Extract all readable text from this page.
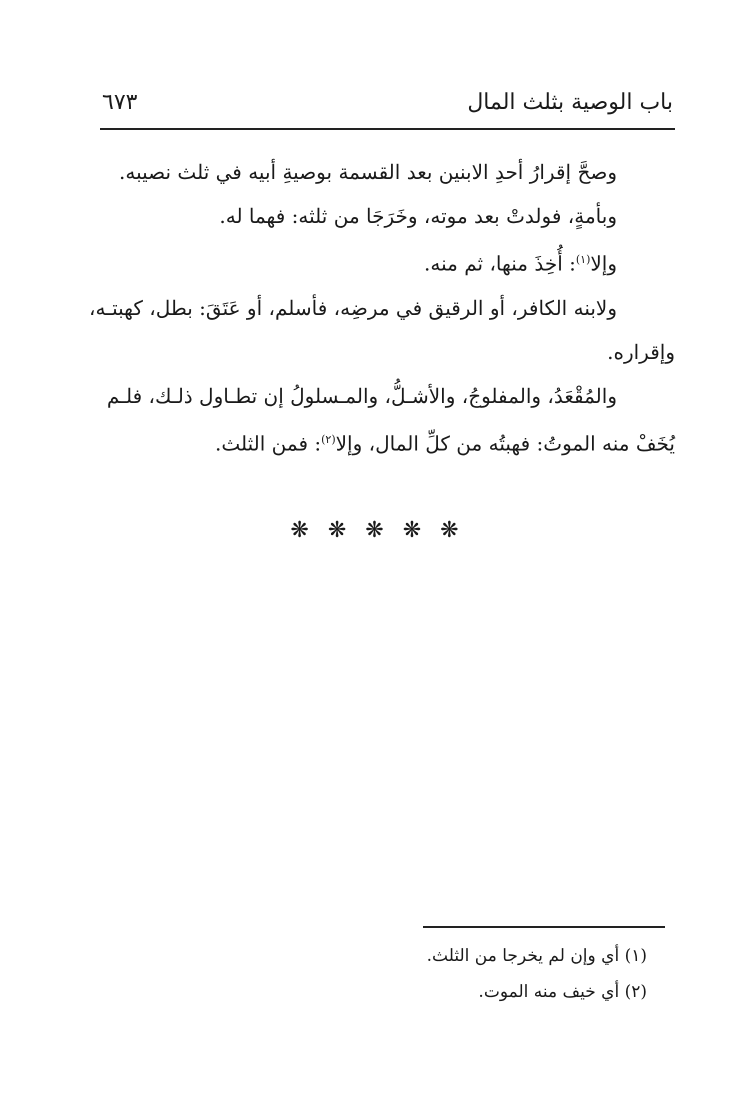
باب الوصية بثلث المال
٦٧٣
وصحَّ إقرارُ أحدِ الابنين بعد القسمة بوصيةِ أبيه في ثلث نصيبه.
وبأمةٍ، فولدتْ بعد موته، وخَرَجَا من ثلثه: فهما له.
وإلا$^{(١)}$: أُخِذَ منها، ثم منه.
ولابنه الكافر، أو الرقيق في مرضِه، فأسلم، أو عَتَقَ: بطل، كهبتـه،
وإقراره.
والمُقْعَدُ، والمفلوجُ، والأشـلُّ، والمـسلولُ إن تطـاول ذلـك، فلـم
يُخَفْ منه الموتُ: فهبتُه من كلِّ المال، وإلا$^{(٢)}$: فمن الثلث.
❋ ❋ ❋ ❋ ❋
(١) أي وإن لم يخرجا من الثلث.
(٢) أي خيف منه الموت.
